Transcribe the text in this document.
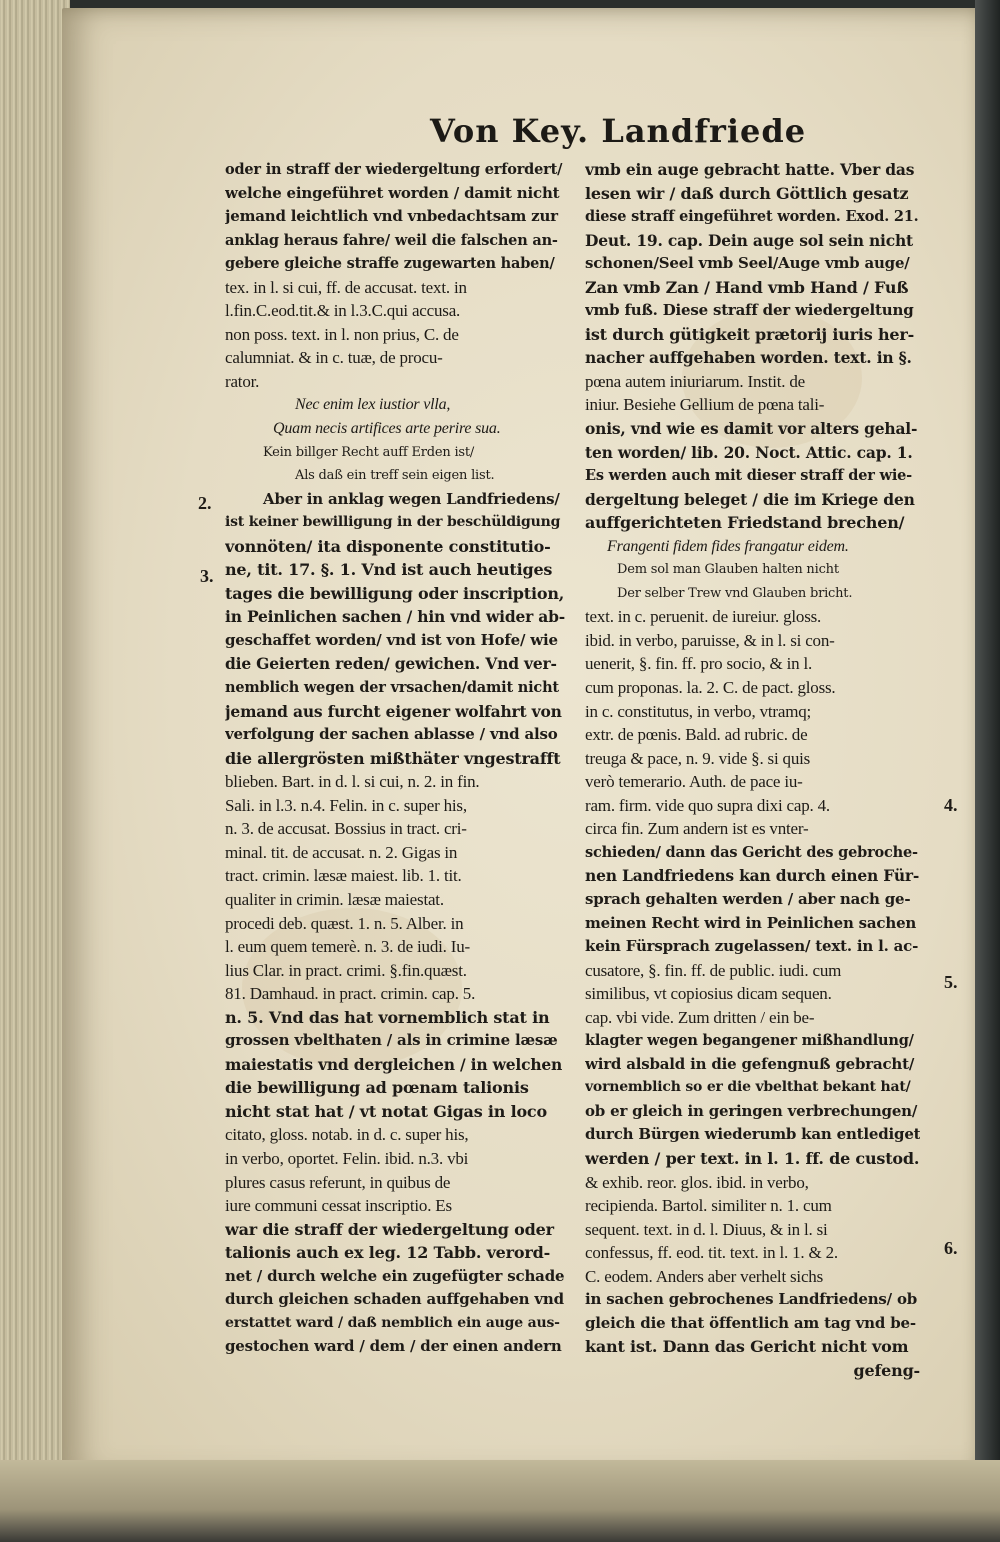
Von Key. Landfriede
oder in straff der wiedergeltung erfordert/
welche eingeführet worden / damit nicht
jemand leichtlich vnd vnbedachtsam zur
anklag heraus fahre/ weil die falschen an-
gebere gleiche straffe zugewarten haben/
tex. in l. si cui, ff. de accusat. text. in
l.fin.C.eod.tit.& in l.3.C.qui accusa.
non poss. text. in l. non prius, C. de
calumniat. & in c. tuæ, de procu-
rator.
Nec enim lex iustior vlla,
Quam necis artifices arte perire sua.
Kein billger Recht auff Erden ist/
Als daß ein treff sein eigen list.
Aber in anklag wegen Landfriedens/
ist keiner bewilligung in der beschüldigung
vonnöten/ ita disponente constitutio-
ne, tit. 17. §. 1. Vnd ist auch heutiges
tages die bewilligung oder inscription,
in Peinlichen sachen / hin vnd wider ab-
geschaffet worden/ vnd ist von Hofe/ wie
die Geierten reden/ gewichen. Vnd ver-
nemblich wegen der vrsachen/damit nicht
jemand aus furcht eigener wolfahrt von
verfolgung der sachen ablasse / vnd also
die allergrösten mißthäter vngestrafft
blieben. Bart. in d. l. si cui, n. 2. in fin.
Sali. in l.3. n.4. Felin. in c. super his,
n. 3. de accusat. Bossius in tract. cri-
minal. tit. de accusat. n. 2. Gigas in
tract. crimin. læsæ maiest. lib. 1. tit.
qualiter in crimin. læsæ maiestat.
procedi deb. quæst. 1. n. 5. Alber. in
l. eum quem temerè. n. 3. de iudi. Iu-
lius Clar. in pract. crimi. §.fin.quæst.
81. Damhaud. in pract. crimin. cap. 5.
n. 5. Vnd das hat vornemblich stat in
grossen vbelthaten / als in crimine læsæ
maiestatis vnd dergleichen / in welchen
die bewilligung ad pœnam talionis
nicht stat hat / vt notat Gigas in loco
citato, gloss. notab. in d. c. super his,
in verbo, oportet. Felin. ibid. n.3. vbi
plures casus referunt, in quibus de
iure communi cessat inscriptio. Es
war die straff der wiedergeltung oder
talionis auch ex leg. 12 Tabb. verord-
net / durch welche ein zugefügter schade
durch gleichen schaden auffgehaben vnd
erstattet ward / daß nemblich ein auge aus-
gestochen ward / dem / der einen andern
vmb ein auge gebracht hatte. Vber das
lesen wir / daß durch Göttlich gesatz
diese straff eingeführet worden. Exod. 21.
Deut. 19. cap. Dein auge sol sein nicht
schonen/Seel vmb Seel/Auge vmb auge/
Zan vmb Zan / Hand vmb Hand / Fuß
vmb fuß. Diese straff der wiedergeltung
ist durch gütigkeit prætorij iuris her-
nacher auffgehaben worden. text. in §.
pœna autem iniuriarum. Instit. de
iniur. Besiehe Gellium de pœna tali-
onis, vnd wie es damit vor alters gehal-
ten worden/ lib. 20. Noct. Attic. cap. 1.
Es werden auch mit dieser straff der wie-
dergeltung beleget / die im Kriege den
auffgerichteten Friedstand brechen/
Frangenti fidem fides frangatur eidem.
Dem sol man Glauben halten nicht
Der selber Trew vnd Glauben bricht.
text. in c. peruenit. de iureiur. gloss.
ibid. in verbo, paruisse, & in l. si con-
uenerit, §. fin. ff. pro socio, & in l.
cum proponas. la. 2. C. de pact. gloss.
in c. constitutus, in verbo, vtramq;
extr. de pœnis. Bald. ad rubric. de
treuga & pace, n. 9. vide §. si quis
verò temerario. Auth. de pace iu-
ram. firm. vide quo supra dixi cap. 4.
circa fin. Zum andern ist es vnter-
schieden/ dann das Gericht des gebroche-
nen Landfriedens kan durch einen Für-
sprach gehalten werden / aber nach ge-
meinen Recht wird in Peinlichen sachen
kein Fürsprach zugelassen/ text. in l. ac-
cusatore, §. fin. ff. de public. iudi. cum
similibus, vt copiosius dicam sequen.
cap. vbi vide. Zum dritten / ein be-
klagter wegen begangener mißhandlung/
wird alsbald in die gefengnuß gebracht/
vornemblich so er die vbelthat bekant hat/
ob er gleich in geringen verbrechungen/
durch Bürgen wiederumb kan entlediget
werden / per text. in l. 1. ff. de custod.
& exhib. reor. glos. ibid. in verbo,
recipienda. Bartol. similiter n. 1. cum
sequent. text. in d. l. Diuus, & in l. si
confessus, ff. eod. tit. text. in l. 1. & 2.
C. eodem. Anders aber verhelt sichs
in sachen gebrochenes Landfriedens/ ob
gleich die that öffentlich am tag vnd be-
kant ist. Dann das Gericht nicht vom
gefeng-
2.
3.
4.
5.
6.
